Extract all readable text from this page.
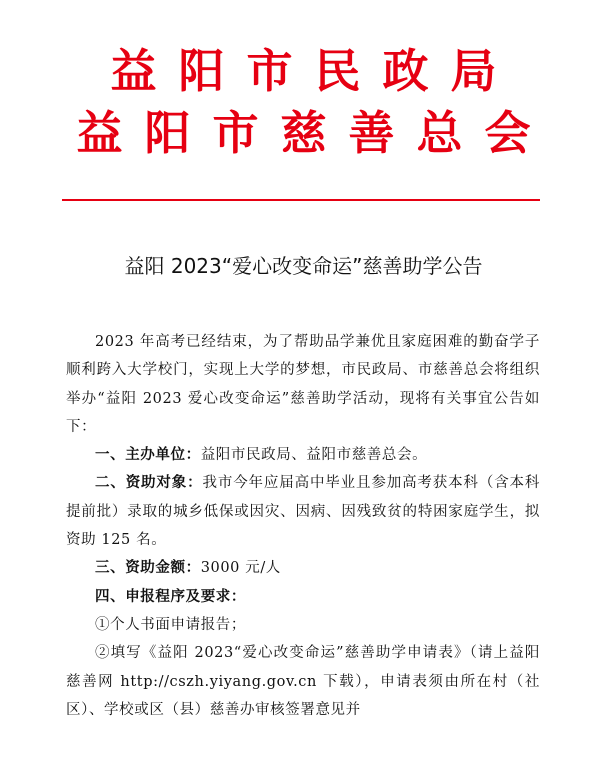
益阳市民政局
益阳市慈善总会
益阳 2023“爱心改变命运”慈善助学公告

2023 年高考已经结束，为了帮助品学兼优且家庭困难的勤奋学子顺利跨入大学校门，实现上大学的梦想，市民政局、市慈善总会将组织举办“益阳 2023 爱心改变命运”慈善助学活动，现将有关事宜公告如下：

一、主办单位：益阳市民政局、益阳市慈善总会。

二、资助对象：我市今年应届高中毕业且参加高考获本科（含本科提前批）录取的城乡低保或因灾、因病、因残致贫的特困家庭学生，拟资助 125 名。

三、资助金额：3000 元/人

四、申报程序及要求：

①个人书面申请报告；

②填写《益阳 2023“爱心改变命运”慈善助学申请表》（请上益阳慈善网 http://cszh.yiyang.gov.cn 下载），申请表须由所在村（社区）、学校或区（县）慈善办审核签署意见并
